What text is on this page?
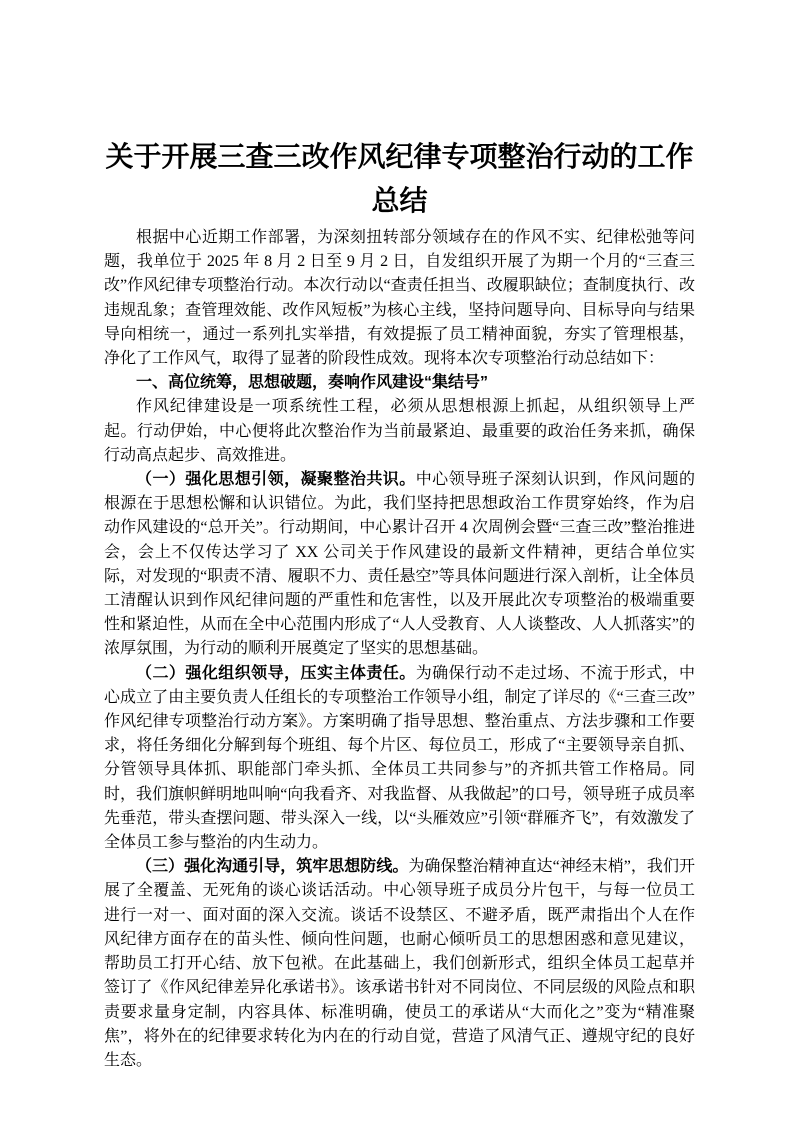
关于开展三查三改作风纪律专项整治行动的工作总结

根据中心近期工作部署，为深刻扭转部分领域存在的作风不实、纪律松弛等问题，我单位于 2025 年 8 月 2 日至 9 月 2 日，自发组织开展了为期一个月的“三查三改”作风纪律专项整治行动。本次行动以“查责任担当、改履职缺位；查制度执行、改违规乱象；查管理效能、改作风短板”为核心主线，坚持问题导向、目标导向与结果导向相统一，通过一系列扎实举措，有效提振了员工精神面貌，夯实了管理根基，净化了工作风气，取得了显著的阶段性成效。现将本次专项整治行动总结如下：

一、高位统筹，思想破题，奏响作风建设“集结号”

作风纪律建设是一项系统性工程，必须从思想根源上抓起，从组织领导上严起。行动伊始，中心便将此次整治作为当前最紧迫、最重要的政治任务来抓，确保行动高点起步、高效推进。

（一）强化思想引领，凝聚整治共识。中心领导班子深刻认识到，作风问题的根源在于思想松懈和认识错位。为此，我们坚持把思想政治工作贯穿始终，作为启动作风建设的“总开关”。行动期间，中心累计召开 4 次周例会暨“三查三改”整治推进会，会上不仅传达学习了 XX 公司关于作风建设的最新文件精神，更结合单位实际，对发现的“职责不清、履职不力、责任悬空”等具体问题进行深入剖析，让全体员工清醒认识到作风纪律问题的严重性和危害性，以及开展此次专项整治的极端重要性和紧迫性，从而在全中心范围内形成了“人人受教育、人人谈整改、人人抓落实”的浓厚氛围，为行动的顺利开展奠定了坚实的思想基础。

（二）强化组织领导，压实主体责任。为确保行动不走过场、不流于形式，中心成立了由主要负责人任组长的专项整治工作领导小组，制定了详尽的《“三查三改”作风纪律专项整治行动方案》。方案明确了指导思想、整治重点、方法步骤和工作要求，将任务细化分解到每个班组、每个片区、每位员工，形成了“主要领导亲自抓、分管领导具体抓、职能部门牵头抓、全体员工共同参与”的齐抓共管工作格局。同时，我们旗帜鲜明地叫响“向我看齐、对我监督、从我做起”的口号，领导班子成员率先垂范，带头查摆问题、带头深入一线，以“头雁效应”引领“群雁齐飞”，有效激发了全体员工参与整治的内生动力。

（三）强化沟通引导，筑牢思想防线。为确保整治精神直达“神经末梢”，我们开展了全覆盖、无死角的谈心谈话活动。中心领导班子成员分片包干，与每一位员工进行一对一、面对面的深入交流。谈话不设禁区、不避矛盾，既严肃指出个人在作风纪律方面存在的苗头性、倾向性问题，也耐心倾听员工的思想困惑和意见建议，帮助员工打开心结、放下包袱。在此基础上，我们创新形式，组织全体员工起草并签订了《作风纪律差异化承诺书》。该承诺书针对不同岗位、不同层级的风险点和职责要求量身定制，内容具体、标准明确，使员工的承诺从“大而化之”变为“精准聚焦”，将外在的纪律要求转化为内在的行动自觉，营造了风清气正、遵规守纪的良好生态。
